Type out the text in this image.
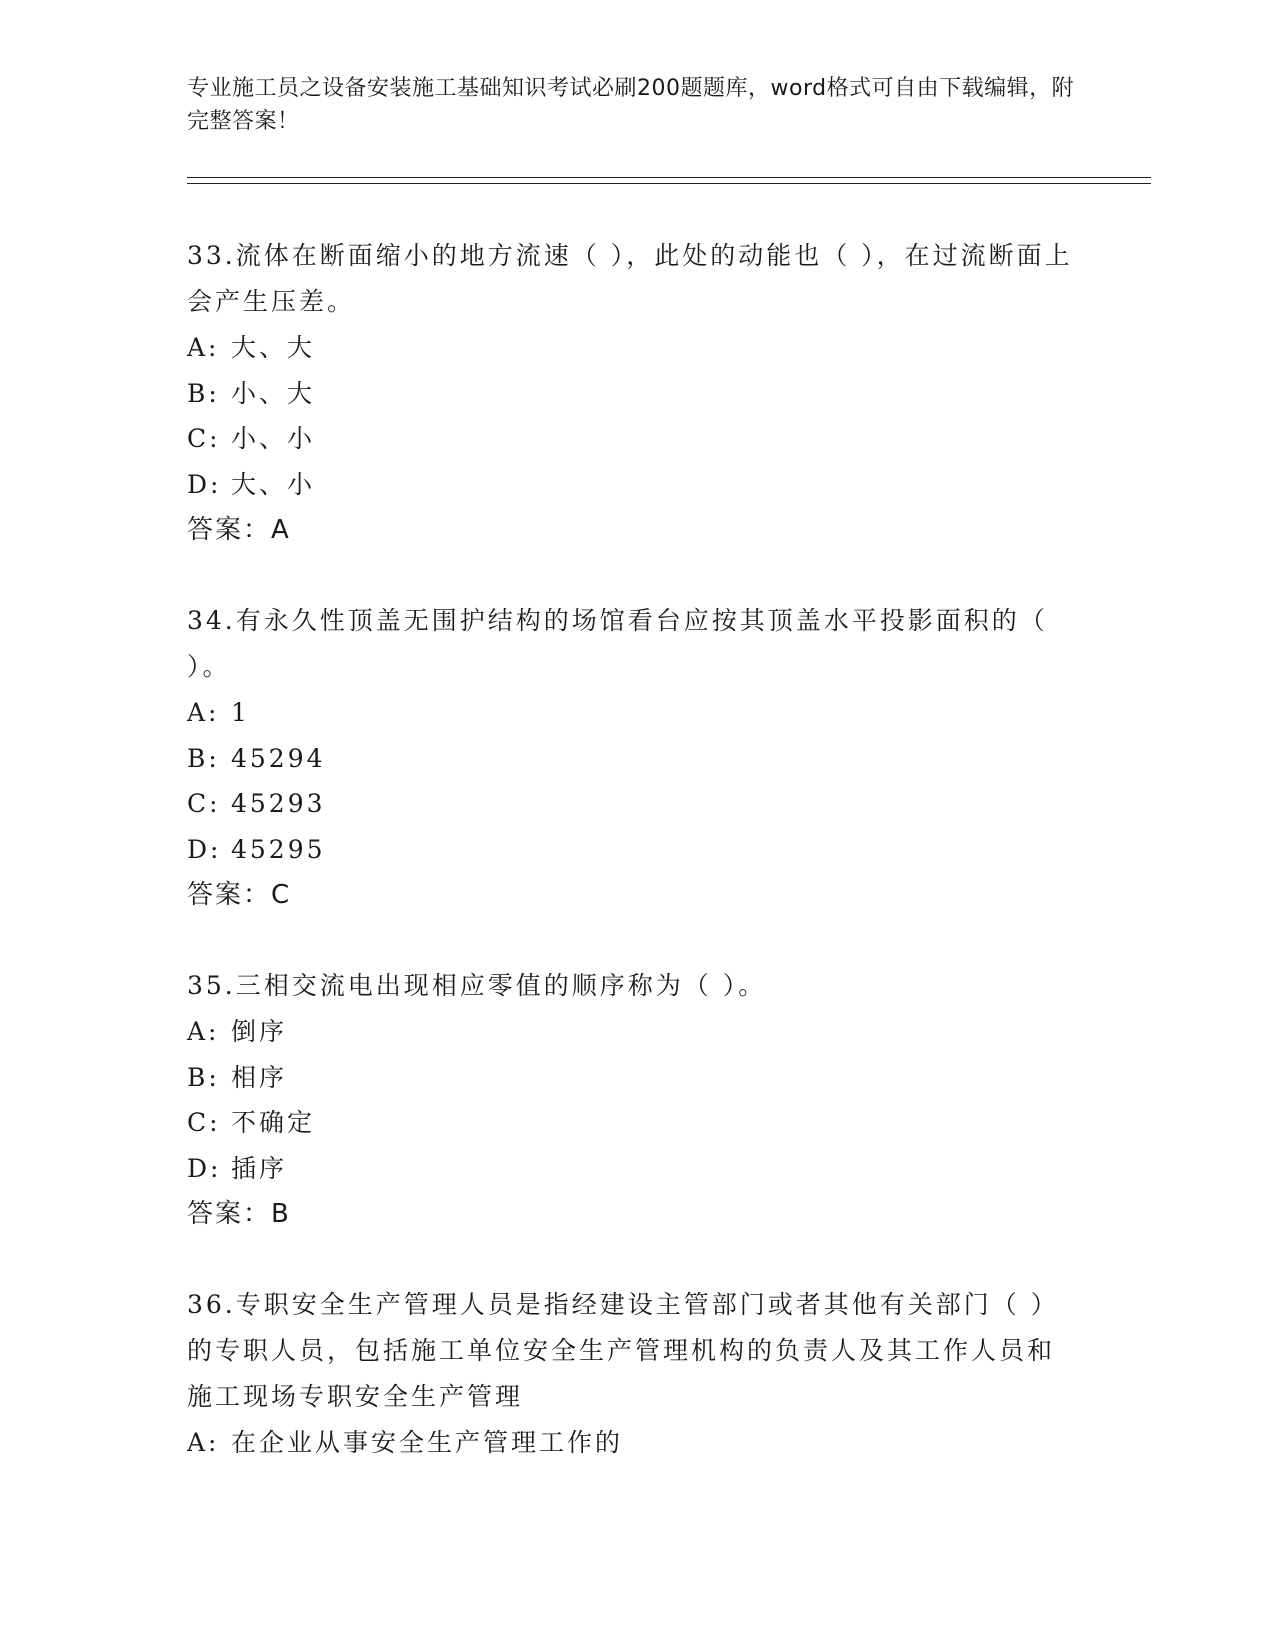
专业施工员之设备安装施工基础知识考试必刷200题题库，word格式可自由下载编辑，附完整答案！
33.流体在断面缩小的地方流速（ ），此处的动能也（ ），在过流断面上会产生压差。
A: 大、大
B: 小、大
C: 小、小
D: 大、小
答案：A
34.有永久性顶盖无围护结构的场馆看台应按其顶盖水平投影面积的（ ）。
A: 1
B: 45294
C: 45293
D: 45295
答案：C
35.三相交流电出现相应零值的顺序称为（ ）。
A: 倒序
B: 相序
C: 不确定
D: 插序
答案：B
36.专职安全生产管理人员是指经建设主管部门或者其他有关部门（ ）的专职人员，包括施工单位安全生产管理机构的负责人及其工作人员和施工现场专职安全生产管理
A: 在企业从事安全生产管理工作的
